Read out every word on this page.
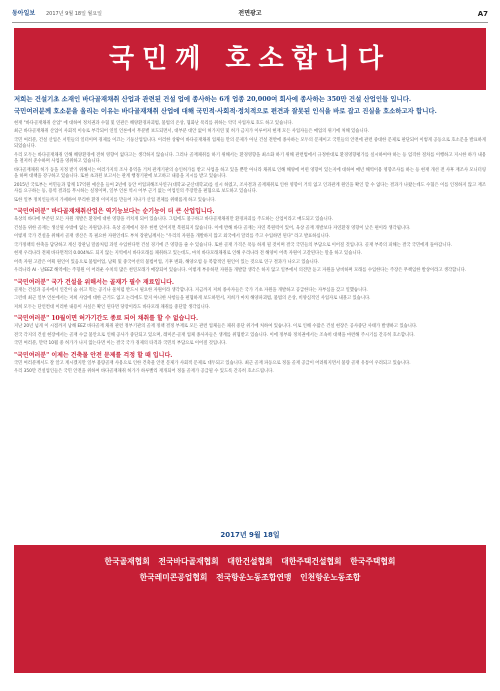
동아일보 2017년 9월 18일 월요일	전면광고	A7
국민께 호소합니다

저희는 건설기초 소재인 바다골재채취 산업과 관련된 건설 업에 종사하는 6개 업종 20,000여 회사에 종사하는 350만 건설 산업인들 입니다.

국민여러분께 호소문을 올리는 이유는 바다골재채취 산업에 대해 국민적·사회적·정치적으로 편견과 잘못된 인식을 바로 잡고 진실을 호소하고자 합니다.

현재 "바다골재채취 산업" 에 대하여 정치권과 수협 및 연관은 해양환경파괴범, 불법의 온상, 협화난 폭리를 취하는 악덕 사업자로 호도 하고 있습니다.

최근 바다골재채취 산업이 사회적 이슈로 부각되어 연일 언론에서 무분별 보도되면서, 대부분 대안 없이 허가지연 및 허가 금지가 이루어져 현재 모든 사업자들은 매업의 위기에 처해 있습니다.

국민 여러분, 건설 산업은 서민들의 일터이며 경제를 이끄는 기둥산업입니다. 이러한 상황이 바다골재채취 업체들 만의 문제가 아닌 건설 전반에 종사하는 모두의 문제이고 국민들의 안전에 관련 중대한 문제로 판단되어 이렇게 공동으로 호소문을 발표하게 되었습니다.

우리 모두는 바다골재채취 인해 해양환경에 전혀 영향이 없다고는 생각하지 않습니다. 그러나 골재채취를 하기 위해서는 환경영향을 최소화 하기 위해 관련법에서 규정한대로 환경영향평가를 실시하여야 하는 등 엄격한 절차를 이행하고 지시한 하가 내용을 철저히 준수하며 사업을 영위하고 있습니다.

바다골재채취 허가 동을 지정 받기 위해서는 여러가지의 조사 용역을 거쳐 관계기관의 승인허가를 받고 사업을 하고 있을 뿐만 아니라 채취로 인해 해양에 어떤 영향이 있는지에 대하여 매년 해역이용 영향조사를 하는 등 현재 개선 전 사후 재조사 모니터링을 하며 대책을 강구하고 있습니다. 또한 초과된 보고서는 관계 행정기관에 보고하고 내용을 지시를 받고 있습니다.

2015년 국토부는 어민들과 함께 17억원 예산을 들여 2년에 동안 어업피해조사연구(대학교·군산대학교)를 실시 하였고, 조사결과 골재채취로 인한 영향이 거의 없고 인과관계 원인을 확인 할 수 없다는 결과가 나왔는데도 수협은 이를 인정하지 않고 재조사를 요구하는 등, 용역 결과를 무시하는 실정이며, 일부 언론 역시 어부 근거 없는 어업인의 주장만을 편협으로 보도하고 있습니다.

또한 일부 정치인들까지 가세하여 무리한 환경 이미지를 만들어 지나가 산업 전체를 위태롭게 하고 있습니다.

"국민여러분" 바다골재채취산업은 역기능보다는 순기능이 더 큰 산업입니다.

육상의 바다에 부존된 모든 자원 개발은 환경에 대한 영향을 끼치게 되어 있습니다. 그럼에도 불구하고 바다골재채취만 환경파괴를 주도하는 산업이라고 매도되고 있습니다.

건설을 위한 골재는 생산될 수밖에 없는 자원입니다. 육상 골재에서 경우 한번 얻어지면 복원되지 않습니다. 이에 반해 바다 골재는 자연 복원력이 있어, 육상 골재 개발보다 자연환경 영향이 낮은 편이라 생각됩니다.

이렇게 국가 건설을 위해서 골재 생산은 꼭 필요한 자원인데도 부처 장관님께서는 "우리의 자원을 개발하지 않고 외국에서 달러를 주고 수입하면 된다" 라고 발표하십니다.

국가정책의 한축을 담당하고 계신 장관님 말씀처럼 과연 수입한다면 건설 경기에 큰 영향을 줄 수 있습니다. 또한 골재 가격은 폭등 하게 될 것이며 결국 국민들의 부담으로 이어질 것입니다. 골재 부족의 피해는 결국 국민에게 돌아갑니다.

현재 우리나라 전체 바다면적의 0.004%도 되지 않는 지역에서 바다모래를 채취하고 있는데도, 마치 바다모래채취로 인해 우리나라 전 해양이 어족 자원이 고갈된다는 말을 하고 있습니다.

어족 자원 고갈은 어획 원인이 있음으로 불법어업, 남획 및 중국어선의 불법어업, 기후 변화, 해양오염 등 복합적인 원인이 있는 것으로 연구 결과가 나오고 있습니다.

우리나라 AI · 날EEZ 해역에는 주형원 이 어려운 수치의 많은 천연모래가 매장되어 있습니다. 이렇게 부유하던 자원을 개발할 생각은 하지 않고 일부에서 의견만 듣고 자원을 낭비하며 모래를 수입한다는 주장은 무책임한 발상이라고 생각합니다.

"국민여러분" 국가 건설을 위해서는 골재가 필수 재료입니다.

골재는 건설과 공사에서 인간이 숨 쉬고 먹는 공기나 물처럼 반드시 필요한 자원이라 생각합니다. 지금까지 저희 종사자들은 국가 기초 자원을 개발하고 공급한다는 자부심을 갖고 일했습니다.

그런데 최근 일부 언론에서는 저희 사업에 대한 근거도 없고 논리에도 맞지 아니한 사항들을 편협하게 보도하면서, 저희가 마치 해양파괴범, 불법의 온상, 비양심적인 사업자로 내몰고 있습니다.

저희 모두는 단언컨대 이러한 내용이 사실은 확인 된다면 당장이라도 바다모래 채취를 중단할 생각입니다.

"국민여러분" 10월이면 허가기간도 종료 되어 채취를 할 수 없습니다.

지난 20년 넘게 이 시점까지 남해 EEZ 바다골재 채취 관련 정부기관의 골재 정책 결정 부재로 모든 관련 업체들은 채취 중단 위기에 처하여 있습니다. 이로 인해 수많은 건설 현장은 공사중단 사태가 발생하고 있습니다.

전국 각지의 건설 현장에서는 골재 수급 불안으로 인해 공사가 중단되고 있으며, 레미콘·골재 업체 종사자들은 생계를 위협받고 있습니다. 이에 정부와 정치권에서는 조속히 대책을 마련해 주시기를 간곡히 호소합니다.

국민 여러분, 만약 10월 중 허가가 나지 않는다면 이는 결국 국가 경제의 타격과 국민의 부담으로 이어질 것입니다.

"국민여러분" 이제는 건축물 안전 문제를 걱정 할 때 입니다.

국민 여러분께서도 잘 알고 계시겠지만 일부 불량골재 사용으로 인한 건축물 안전 문제가 사회적 문제로 대두되고 있습니다. 최근 골재 파동으로 정품 골재 공급이 어려워지면서 불량 골재 유통이 우려되고 있습니다.

우리 350만 건설업인들은 국민 안전을 위하여 바다골재채취 허가가 하루빨리 재개되어 정품 골재가 공급될 수 있도록 간곡히 호소드립니다.

2017년 9월 18일
한국골재협회 전국바다골재협회 대한건설협회 대한주택건설협회 한국주택협회
한국레미콘공업협회 전국항운노동조합연맹 인천항운노동조합
